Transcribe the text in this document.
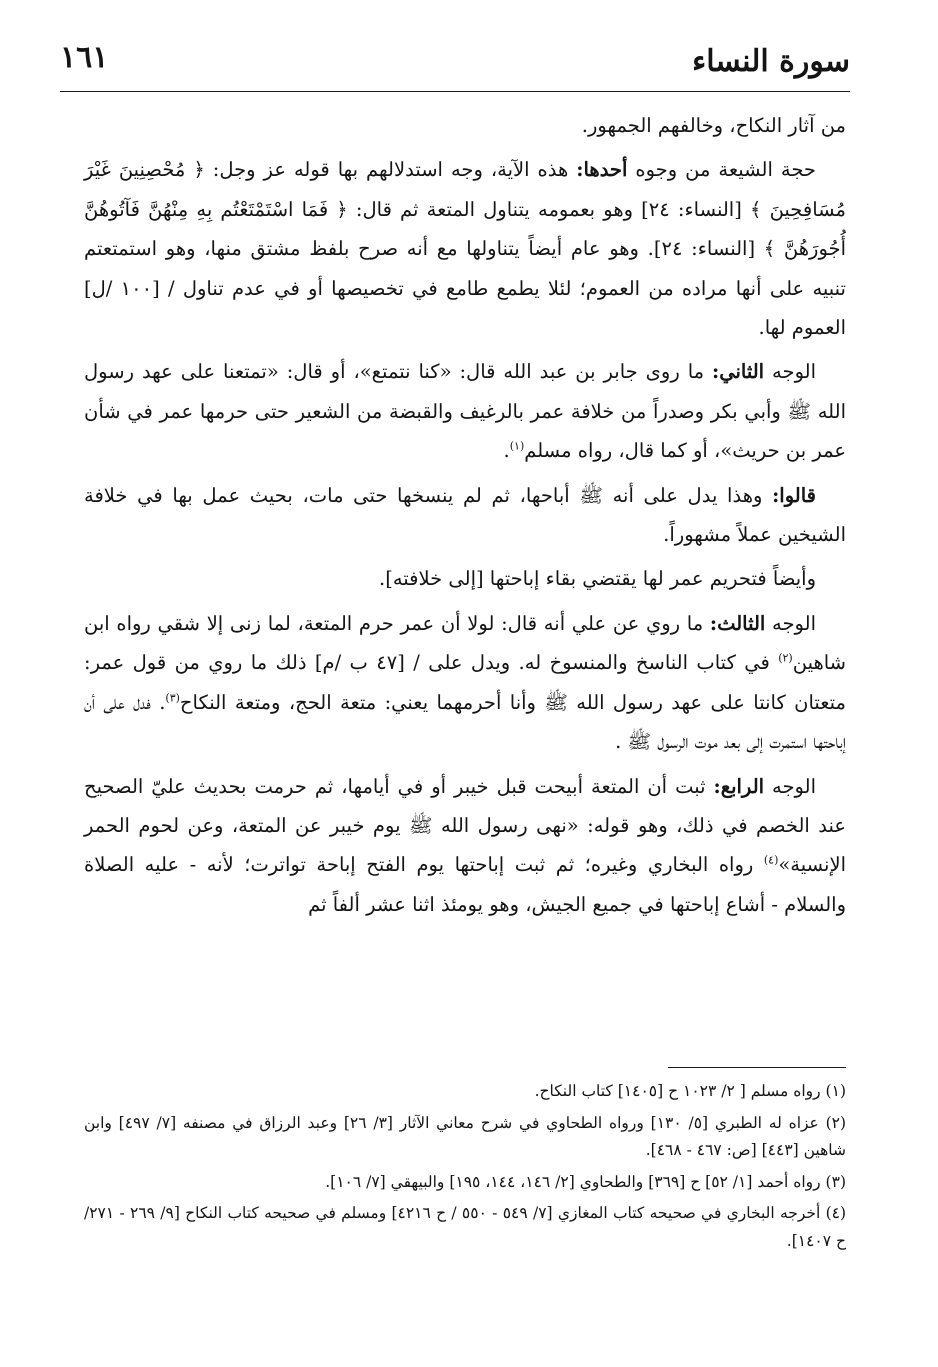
سورة النساء
١٦١

من آثار النكاح، وخالفهم الجمهور.

حجة الشيعة من وجوه أحدها: هذه الآية، وجه استدلالهم بها قوله عز وجل: ﴿ مُحْصِنِينَ غَيْرَ مُسَافِحِينَ ﴾ [النساء: ٢٤] وهو بعمومه يتناول المتعة ثم قال: ﴿ فَمَا اسْتَمْتَعْتُم بِهِ مِنْهُنَّ فَآتُوهُنَّ أُجُورَهُنَّ ﴾ [النساء: ٢٤]. وهو عام أيضاً يتناولها مع أنه صرح بلفظ مشتق منها، وهو استمتعتم تنبيه على أنها مراده من العموم؛ لئلا يطمع طامع في تخصيصها أو في عدم تناول / [١٠٠ /ل] العموم لها.

الوجه الثاني: ما روى جابر بن عبد الله قال: «كنا نتمتع»، أو قال: «تمتعنا على عهد رسول الله ﷺ وأبي بكر وصدراً من خلافة عمر بالرغيف والقبضة من الشعير حتى حرمها عمر في شأن عمر بن حريث»، أو كما قال، رواه مسلم$^{(١)}$.

قالوا: وهذا يدل على أنه ﷺ أباحها، ثم لم ينسخها حتى مات، بحيث عمل بها في خلافة الشيخين عملاً مشهوراً.

وأيضاً فتحريم عمر لها يقتضي بقاء إباحتها [إلى خلافته].

الوجه الثالث: ما روي عن علي أنه قال: لولا أن عمر حرم المتعة، لما زنى إلا شقي رواه ابن شاهين$^{(٢)}$ في كتاب الناسخ والمنسوخ له. ويدل على / [٤٧ ب /م] ذلك ما روي من قول عمر: متعتان كانتا على عهد رسول الله ﷺ وأنا أحرمهما يعني: متعة الحج، ومتعة النكاح$^{(٣)}$. فدل على أن إباحتها استمرت إلى بعد موت الرسول ﷺ .

الوجه الرابع: ثبت أن المتعة أبيحت قبل خيبر أو في أيامها، ثم حرمت بحديث عليّ الصحيح عند الخصم في ذلك، وهو قوله: «نهى رسول الله ﷺ يوم خيبر عن المتعة، وعن لحوم الحمر الإنسية»$^{(٤)}$ رواه البخاري وغيره؛ ثم ثبت إباحتها يوم الفتح إباحة تواترت؛ لأنه - عليه الصلاة والسلام - أشاع إباحتها في جميع الجيش، وهو يومئذ اثنا عشر ألفاً ثم

(١) رواه مسلم [ ٢/ ١٠٢٣ ح [١٤٠٥] كتاب النكاح.

(٢) عزاه له الطبري [٥/ ١٣٠] ورواه الطحاوي في شرح معاني الآثار [٣/ ٢٦] وعبد الرزاق في مصنفه [٧/ ٤٩٧] وابن شاهين [٤٤٣] [ص: ٤٦٧ - ٤٦٨].

(٣) رواه أحمد [١/ ٥٢] ح [٣٦٩] والطحاوي [٢/ ١٤٦، ١٤٤، ١٩٥] والبيهقي [٧/ ١٠٦].

(٤) أخرجه البخاري في صحيحه كتاب المغازي [٧/ ٥٤٩ - ٥٥٠ / ح ٤٢١٦] ومسلم في صحيحه كتاب النكاح [٩/ ٢٦٩ - ٢٧١/ ح ١٤٠٧].
